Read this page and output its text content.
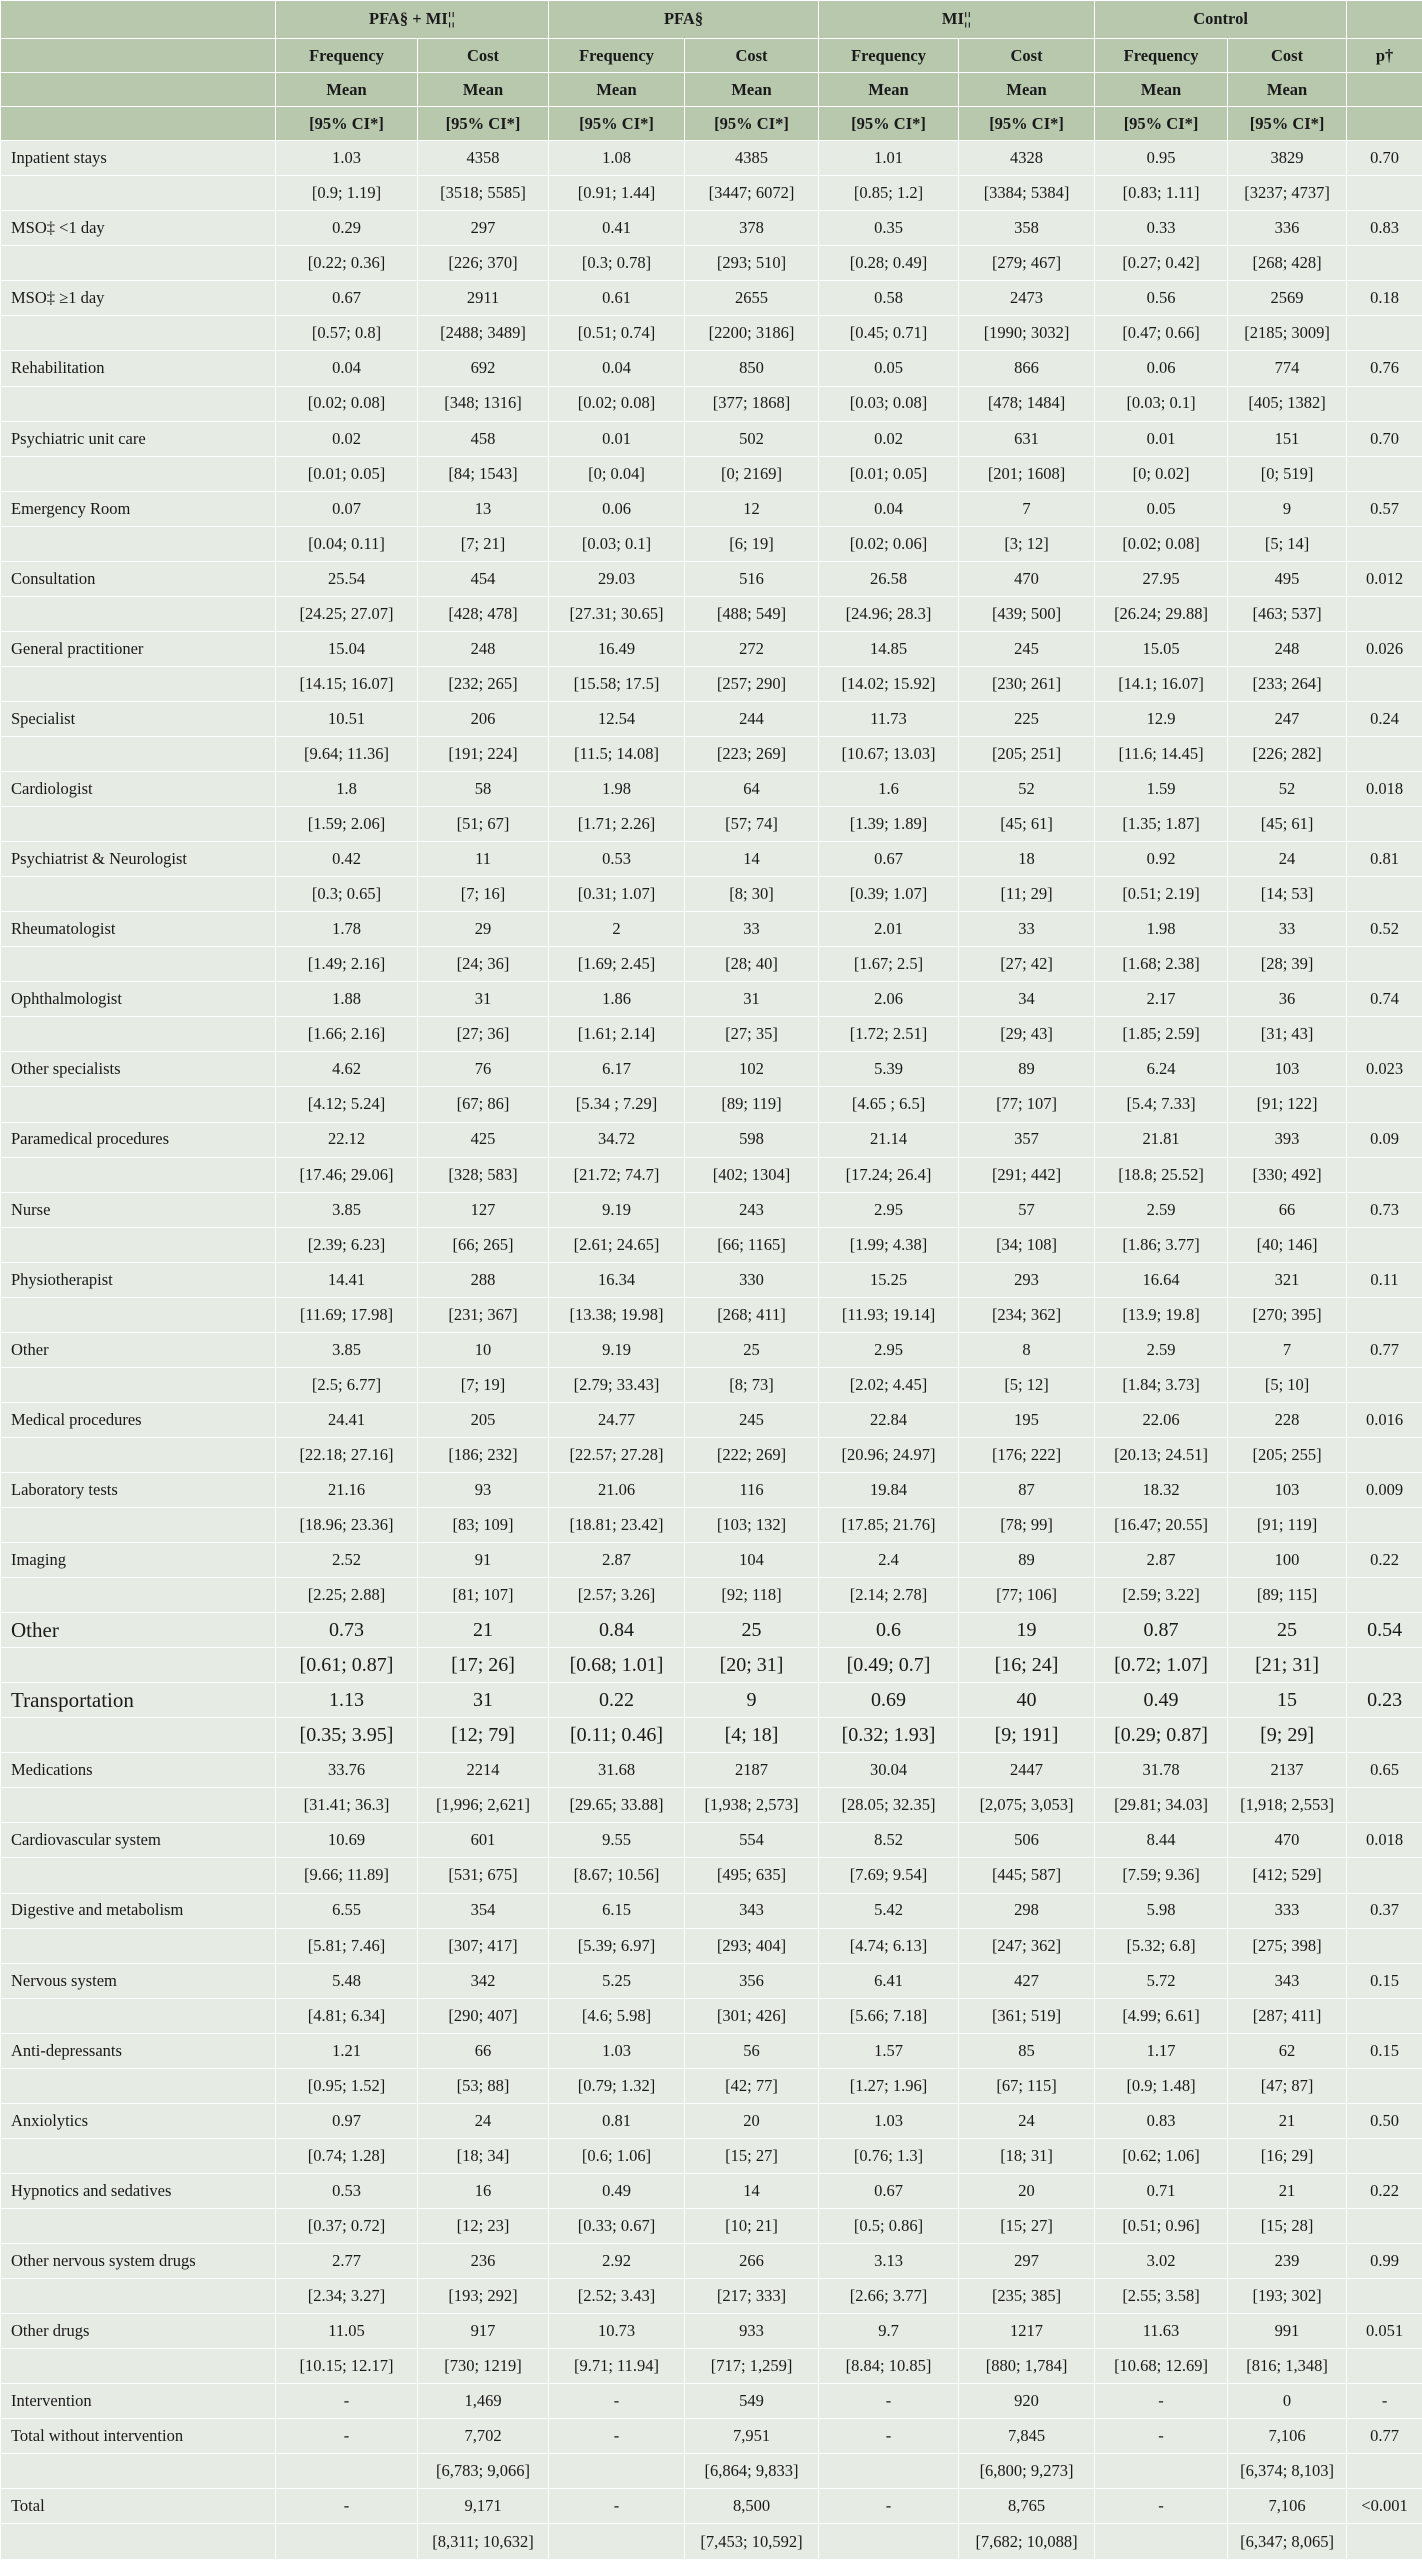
	PFA§ + MI¦¦		PFA§		MI¦¦		Control		
	Frequency	Cost	Frequency	Cost	Frequency	Cost	Frequency	Cost	p†
	Mean	Mean	Mean	Mean	Mean	Mean	Mean	Mean	
	[95% CI*]	[95% CI*]	[95% CI*]	[95% CI*]	[95% CI*]	[95% CI*]	[95% CI*]	[95% CI*]	
Inpatient stays	1.03	4358	1.08	4385	1.01	4328	0.95	3829	0.70
	[0.9; 1.19]	[3518; 5585]	[0.91; 1.44]	[3447; 6072]	[0.85; 1.2]	[3384; 5384]	[0.83; 1.11]	[3237; 4737]	
MSO‡ <1 day	0.29	297	0.41	378	0.35	358	0.33	336	0.83
	[0.22; 0.36]	[226; 370]	[0.3; 0.78]	[293; 510]	[0.28; 0.49]	[279; 467]	[0.27; 0.42]	[268; 428]	
MSO‡ ≥1 day	0.67	2911	0.61	2655	0.58	2473	0.56	2569	0.18
	[0.57; 0.8]	[2488; 3489]	[0.51; 0.74]	[2200; 3186]	[0.45; 0.71]	[1990; 3032]	[0.47; 0.66]	[2185; 3009]	
Rehabilitation	0.04	692	0.04	850	0.05	866	0.06	774	0.76
	[0.02; 0.08]	[348; 1316]	[0.02; 0.08]	[377; 1868]	[0.03; 0.08]	[478; 1484]	[0.03; 0.1]	[405; 1382]	
Psychiatric unit care	0.02	458	0.01	502	0.02	631	0.01	151	0.70
	[0.01; 0.05]	[84; 1543]	[0; 0.04]	[0; 2169]	[0.01; 0.05]	[201; 1608]	[0; 0.02]	[0; 519]	
Emergency Room	0.07	13	0.06	12	0.04	7	0.05	9	0.57
	[0.04; 0.11]	[7; 21]	[0.03; 0.1]	[6; 19]	[0.02; 0.06]	[3; 12]	[0.02; 0.08]	[5; 14]	
Consultation	25.54	454	29.03	516	26.58	470	27.95	495	0.012
	[24.25; 27.07]	[428; 478]	[27.31; 30.65]	[488; 549]	[24.96; 28.3]	[439; 500]	[26.24; 29.88]	[463; 537]	
General practitioner	15.04	248	16.49	272	14.85	245	15.05	248	0.026
	[14.15; 16.07]	[232; 265]	[15.58; 17.5]	[257; 290]	[14.02; 15.92]	[230; 261]	[14.1; 16.07]	[233; 264]	
Specialist	10.51	206	12.54	244	11.73	225	12.9	247	0.24
	[9.64; 11.36]	[191; 224]	[11.5; 14.08]	[223; 269]	[10.67; 13.03]	[205; 251]	[11.6; 14.45]	[226; 282]	
Cardiologist	1.8	58	1.98	64	1.6	52	1.59	52	0.018
	[1.59; 2.06]	[51; 67]	[1.71; 2.26]	[57; 74]	[1.39; 1.89]	[45; 61]	[1.35; 1.87]	[45; 61]	
Psychiatrist & Neurologist	0.42	11	0.53	14	0.67	18	0.92	24	0.81
	[0.3; 0.65]	[7; 16]	[0.31; 1.07]	[8; 30]	[0.39; 1.07]	[11; 29]	[0.51; 2.19]	[14; 53]	
Rheumatologist	1.78	29	2	33	2.01	33	1.98	33	0.52
	[1.49; 2.16]	[24; 36]	[1.69; 2.45]	[28; 40]	[1.67; 2.5]	[27; 42]	[1.68; 2.38]	[28; 39]	
Ophthalmologist	1.88	31	1.86	31	2.06	34	2.17	36	0.74
	[1.66; 2.16]	[27; 36]	[1.61; 2.14]	[27; 35]	[1.72; 2.51]	[29; 43]	[1.85; 2.59]	[31; 43]	
Other specialists	4.62	76	6.17	102	5.39	89	6.24	103	0.023
	[4.12; 5.24]	[67; 86]	[5.34 ; 7.29]	[89; 119]	[4.65 ; 6.5]	[77; 107]	[5.4; 7.33]	[91; 122]	
Paramedical procedures	22.12	425	34.72	598	21.14	357	21.81	393	0.09
	[17.46; 29.06]	[328; 583]	[21.72; 74.7]	[402; 1304]	[17.24; 26.4]	[291; 442]	[18.8; 25.52]	[330; 492]	
Nurse	3.85	127	9.19	243	2.95	57	2.59	66	0.73
	[2.39; 6.23]	[66; 265]	[2.61; 24.65]	[66; 1165]	[1.99; 4.38]	[34; 108]	[1.86; 3.77]	[40; 146]	
Physiotherapist	14.41	288	16.34	330	15.25	293	16.64	321	0.11
	[11.69; 17.98]	[231; 367]	[13.38; 19.98]	[268; 411]	[11.93; 19.14]	[234; 362]	[13.9; 19.8]	[270; 395]	
Other	3.85	10	9.19	25	2.95	8	2.59	7	0.77
	[2.5; 6.77]	[7; 19]	[2.79; 33.43]	[8; 73]	[2.02; 4.45]	[5; 12]	[1.84; 3.73]	[5; 10]	
Medical procedures	24.41	205	24.77	245	22.84	195	22.06	228	0.016
	[22.18; 27.16]	[186; 232]	[22.57; 27.28]	[222; 269]	[20.96; 24.97]	[176; 222]	[20.13; 24.51]	[205; 255]	
Laboratory tests	21.16	93	21.06	116	19.84	87	18.32	103	0.009
	[18.96; 23.36]	[83; 109]	[18.81; 23.42]	[103; 132]	[17.85; 21.76]	[78; 99]	[16.47; 20.55]	[91; 119]	
Imaging	2.52	91	2.87	104	2.4	89	2.87	100	0.22
	[2.25; 2.88]	[81; 107]	[2.57; 3.26]	[92; 118]	[2.14; 2.78]	[77; 106]	[2.59; 3.22]	[89; 115]	
Other	0.73	21	0.84	25	0.6	19	0.87	25	0.54
	[0.61; 0.87]	[17; 26]	[0.68; 1.01]	[20; 31]	[0.49; 0.7]	[16; 24]	[0.72; 1.07]	[21; 31]	
Transportation	1.13	31	0.22	9	0.69	40	0.49	15	0.23
	[0.35; 3.95]	[12; 79]	[0.11; 0.46]	[4; 18]	[0.32; 1.93]	[9; 191]	[0.29; 0.87]	[9; 29]	
Medications	33.76	2214	31.68	2187	30.04	2447	31.78	2137	0.65
	[31.41; 36.3]	[1,996; 2,621]	[29.65; 33.88]	[1,938; 2,573]	[28.05; 32.35]	[2,075; 3,053]	[29.81; 34.03]	[1,918; 2,553]	
Cardiovascular system	10.69	601	9.55	554	8.52	506	8.44	470	0.018
	[9.66; 11.89]	[531; 675]	[8.67; 10.56]	[495; 635]	[7.69; 9.54]	[445; 587]	[7.59; 9.36]	[412; 529]	
Digestive and metabolism	6.55	354	6.15	343	5.42	298	5.98	333	0.37
	[5.81; 7.46]	[307; 417]	[5.39; 6.97]	[293; 404]	[4.74; 6.13]	[247; 362]	[5.32; 6.8]	[275; 398]	
Nervous system	5.48	342	5.25	356	6.41	427	5.72	343	0.15
	[4.81; 6.34]	[290; 407]	[4.6; 5.98]	[301; 426]	[5.66; 7.18]	[361; 519]	[4.99; 6.61]	[287; 411]	
Anti-depressants	1.21	66	1.03	56	1.57	85	1.17	62	0.15
	[0.95; 1.52]	[53; 88]	[0.79; 1.32]	[42; 77]	[1.27; 1.96]	[67; 115]	[0.9; 1.48]	[47; 87]	
Anxiolytics	0.97	24	0.81	20	1.03	24	0.83	21	0.50
	[0.74; 1.28]	[18; 34]	[0.6; 1.06]	[15; 27]	[0.76; 1.3]	[18; 31]	[0.62; 1.06]	[16; 29]	
Hypnotics and sedatives	0.53	16	0.49	14	0.67	20	0.71	21	0.22
	[0.37; 0.72]	[12; 23]	[0.33; 0.67]	[10; 21]	[0.5; 0.86]	[15; 27]	[0.51; 0.96]	[15; 28]	
Other nervous system drugs	2.77	236	2.92	266	3.13	297	3.02	239	0.99
	[2.34; 3.27]	[193; 292]	[2.52; 3.43]	[217; 333]	[2.66; 3.77]	[235; 385]	[2.55; 3.58]	[193; 302]	
Other drugs	11.05	917	10.73	933	9.7	1217	11.63	991	0.051
	[10.15; 12.17]	[730; 1219]	[9.71; 11.94]	[717; 1,259]	[8.84; 10.85]	[880; 1,784]	[10.68; 12.69]	[816; 1,348]	
Intervention	-	1,469	-	549	-	920	-	0	-
Total without intervention	-	7,702	-	7,951	-	7,845	-	7,106	0.77
		[6,783; 9,066]		[6,864; 9,833]		[6,800; 9,273]		[6,374; 8,103]	
Total	-	9,171	-	8,500	-	8,765	-	7,106	<0.001
		[8,311; 10,632]		[7,453; 10,592]		[7,682; 10,088]		[6,347; 8,065]	
